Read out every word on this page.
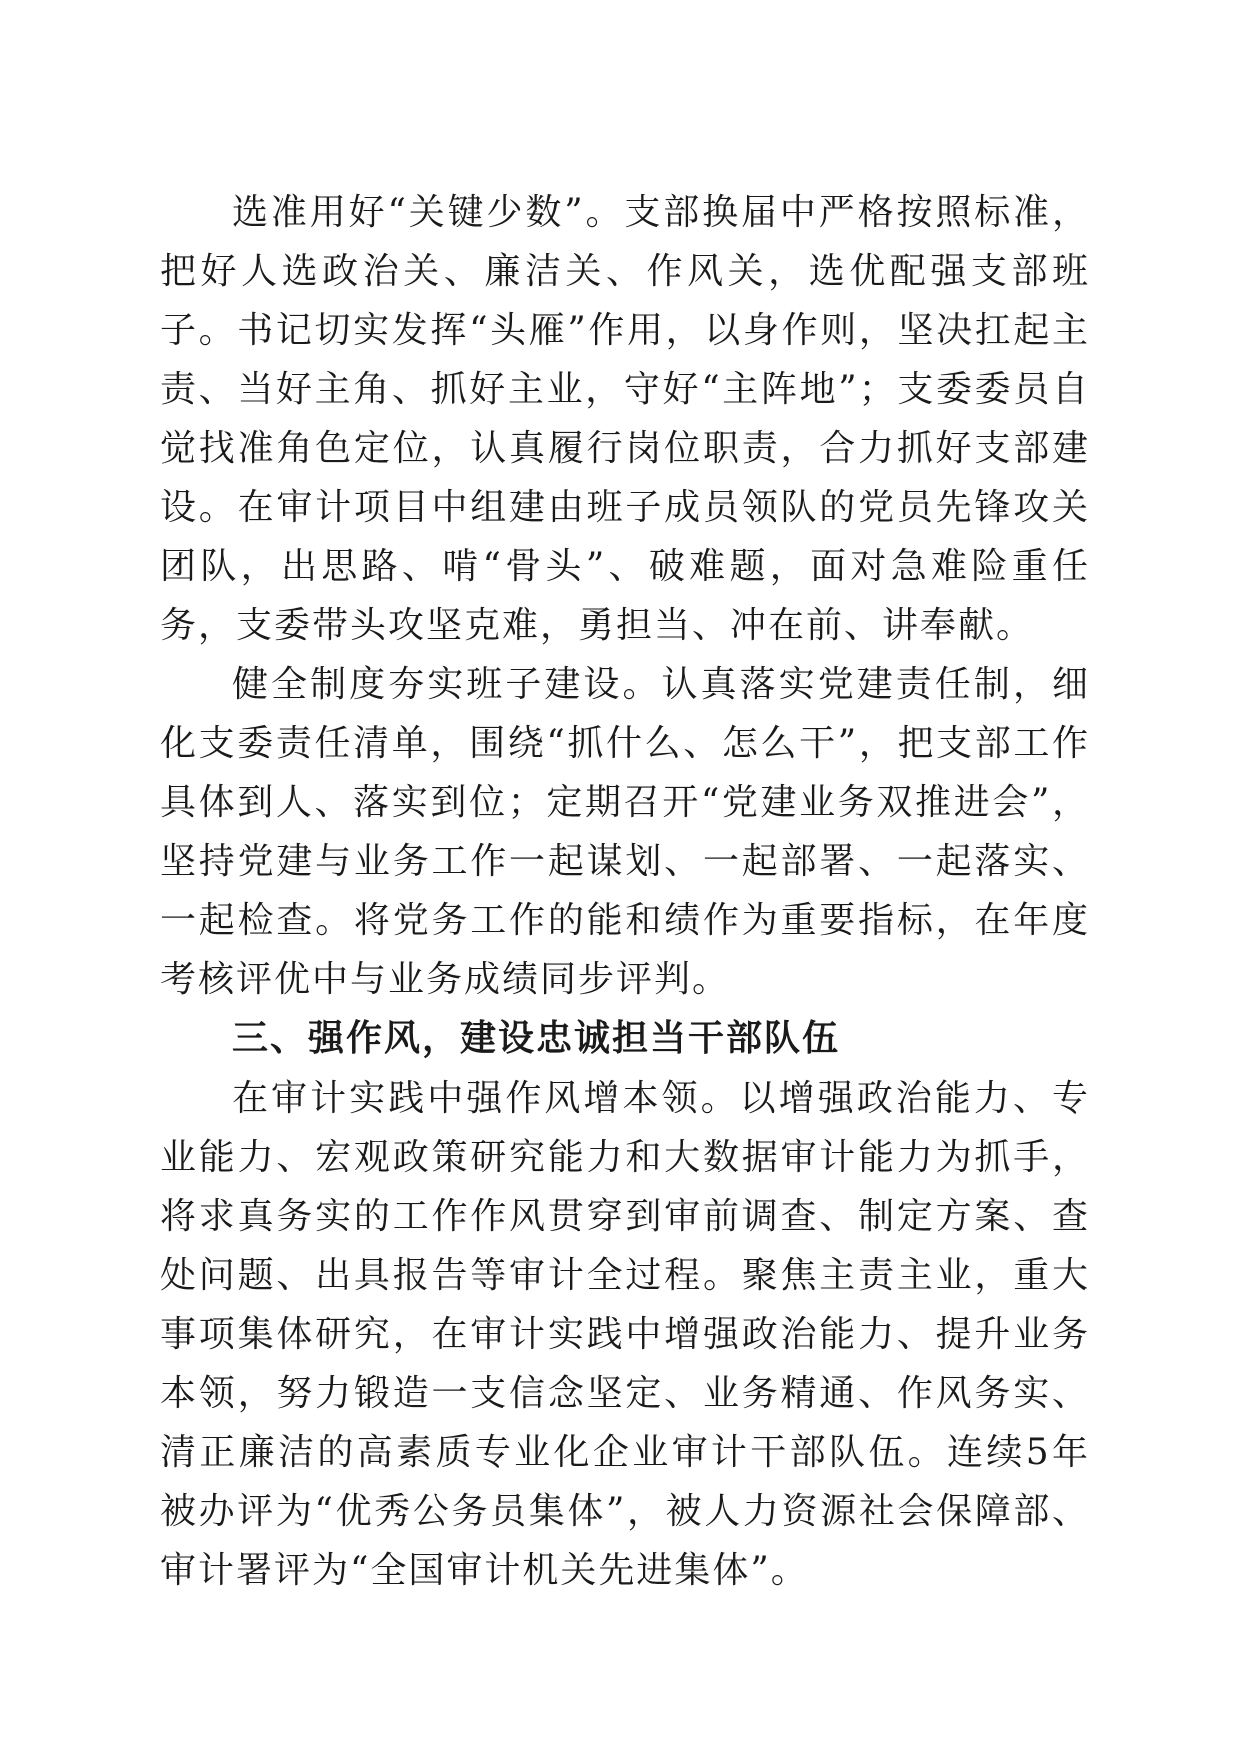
选准用好“关键少数”。支部换届中严格按照标准，把好人选政治关、廉洁关、作风关，选优配强支部班子。书记切实发挥“头雁”作用，以身作则，坚决扛起主责、当好主角、抓好主业，守好“主阵地”；支委委员自觉找准角色定位，认真履行岗位职责，合力抓好支部建设。在审计项目中组建由班子成员领队的党员先锋攻关团队，出思路、啃“骨头”、破难题，面对急难险重任务，支委带头攻坚克难，勇担当、冲在前、讲奉献。

健全制度夯实班子建设。认真落实党建责任制，细化支委责任清单，围绕“抓什么、怎么干”，把支部工作具体到人、落实到位；定期召开“党建业务双推进会”，坚持党建与业务工作一起谋划、一起部署、一起落实、一起检查。将党务工作的能和绩作为重要指标，在年度考核评优中与业务成绩同步评判。

三、强作风，建设忠诚担当干部队伍

在审计实践中强作风增本领。以增强政治能力、专业能力、宏观政策研究能力和大数据审计能力为抓手，将求真务实的工作作风贯穿到审前调查、制定方案、查处问题、出具报告等审计全过程。聚焦主责主业，重大事项集体研究，在审计实践中增强政治能力、提升业务本领，努力锻造一支信念坚定、业务精通、作风务实、清正廉洁的高素质专业化企业审计干部队伍。连续5年被办评为“优秀公务员集体”，被人力资源社会保障部、审计署评为“全国审计机关先进集体”。
